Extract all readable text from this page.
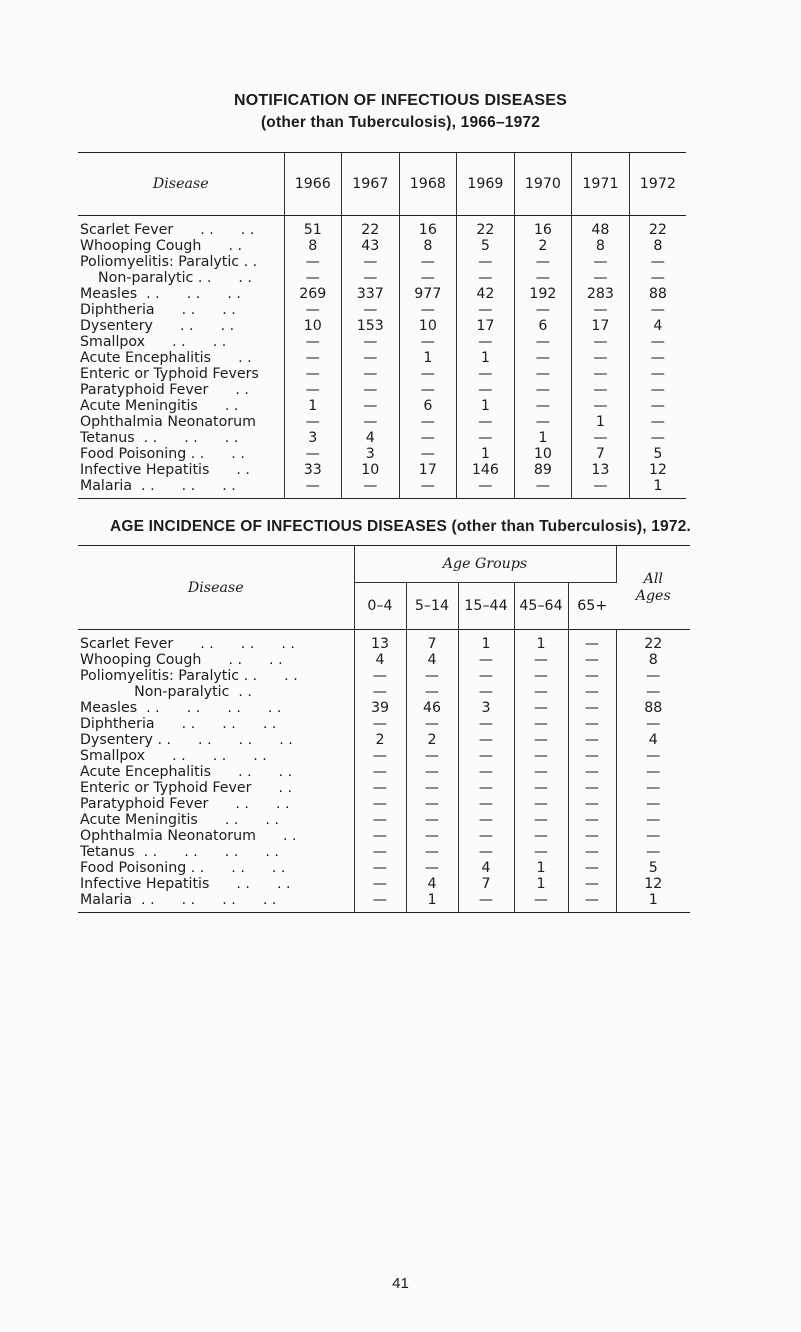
NOTIFICATION OF INFECTIOUS DISEASES
(other than Tuberculosis), 1966–1972
Disease	1966	1967	1968	1969	1970	1971	1972
Scarlet Fever      . .      . .	51	22	16	22	16	48	22
Whooping Cough      . .	8	43	8	5	2	8	8
Poliomyelitis: Paralytic . .	—	—	—	—	—	—	—
Non-paralytic . .      . .	—	—	—	—	—	—	—
Measles  . .      . .      . .	269	337	977	42	192	283	88
Diphtheria      . .      . .	—	—	—	—	—	—	—
Dysentery      . .      . .	10	153	10	17	6	17	4
Smallpox      . .      . .	—	—	—	—	—	—	—
Acute Encephalitis      . .	—	—	1	1	—	—	—
Enteric or Typhoid Fevers	—	—	—	—	—	—	—
Paratyphoid Fever      . .	—	—	—	—	—	—	—
Acute Meningitis      . .	1	—	6	1	—	—	—
Ophthalmia Neonatorum	—	—	—	—	—	1	—
Tetanus  . .      . .      . .	3	4	—	—	1	—	—
Food Poisoning . .      . .	—	3	—	1	10	7	5
Infective Hepatitis      . .	33	10	17	146	89	13	12
Malaria  . .      . .      . .	—	—	—	—	—	—	1
AGE INCIDENCE OF INFECTIOUS DISEASES (other than Tuberculosis), 1972.
Disease	Age Groups					All
Ages
	0–4	5–14	15–44	45–64	65+	
Scarlet Fever      . .      . .      . .	13	7	1	1	—	22
Whooping Cough      . .      . .	4	4	—	—	—	8
Poliomyelitis: Paralytic . .      . .	—	—	—	—	—	—
Non-paralytic  . .	—	—	—	—	—	—
Measles  . .      . .      . .      . .	39	46	3	—	—	88
Diphtheria      . .      . .      . .	—	—	—	—	—	—
Dysentery . .      . .      . .      . .	2	2	—	—	—	4
Smallpox      . .      . .      . .	—	—	—	—	—	—
Acute Encephalitis      . .      . .	—	—	—	—	—	—
Enteric or Typhoid Fever      . .	—	—	—	—	—	—
Paratyphoid Fever      . .      . .	—	—	—	—	—	—
Acute Meningitis      . .      . .	—	—	—	—	—	—
Ophthalmia Neonatorum      . .	—	—	—	—	—	—
Tetanus  . .      . .      . .      . .	—	—	—	—	—	—
Food Poisoning . .      . .      . .	—	—	4	1	—	5
Infective Hepatitis      . .      . .	—	4	7	1	—	12
Malaria  . .      . .      . .      . .	—	1	—	—	—	1
41
